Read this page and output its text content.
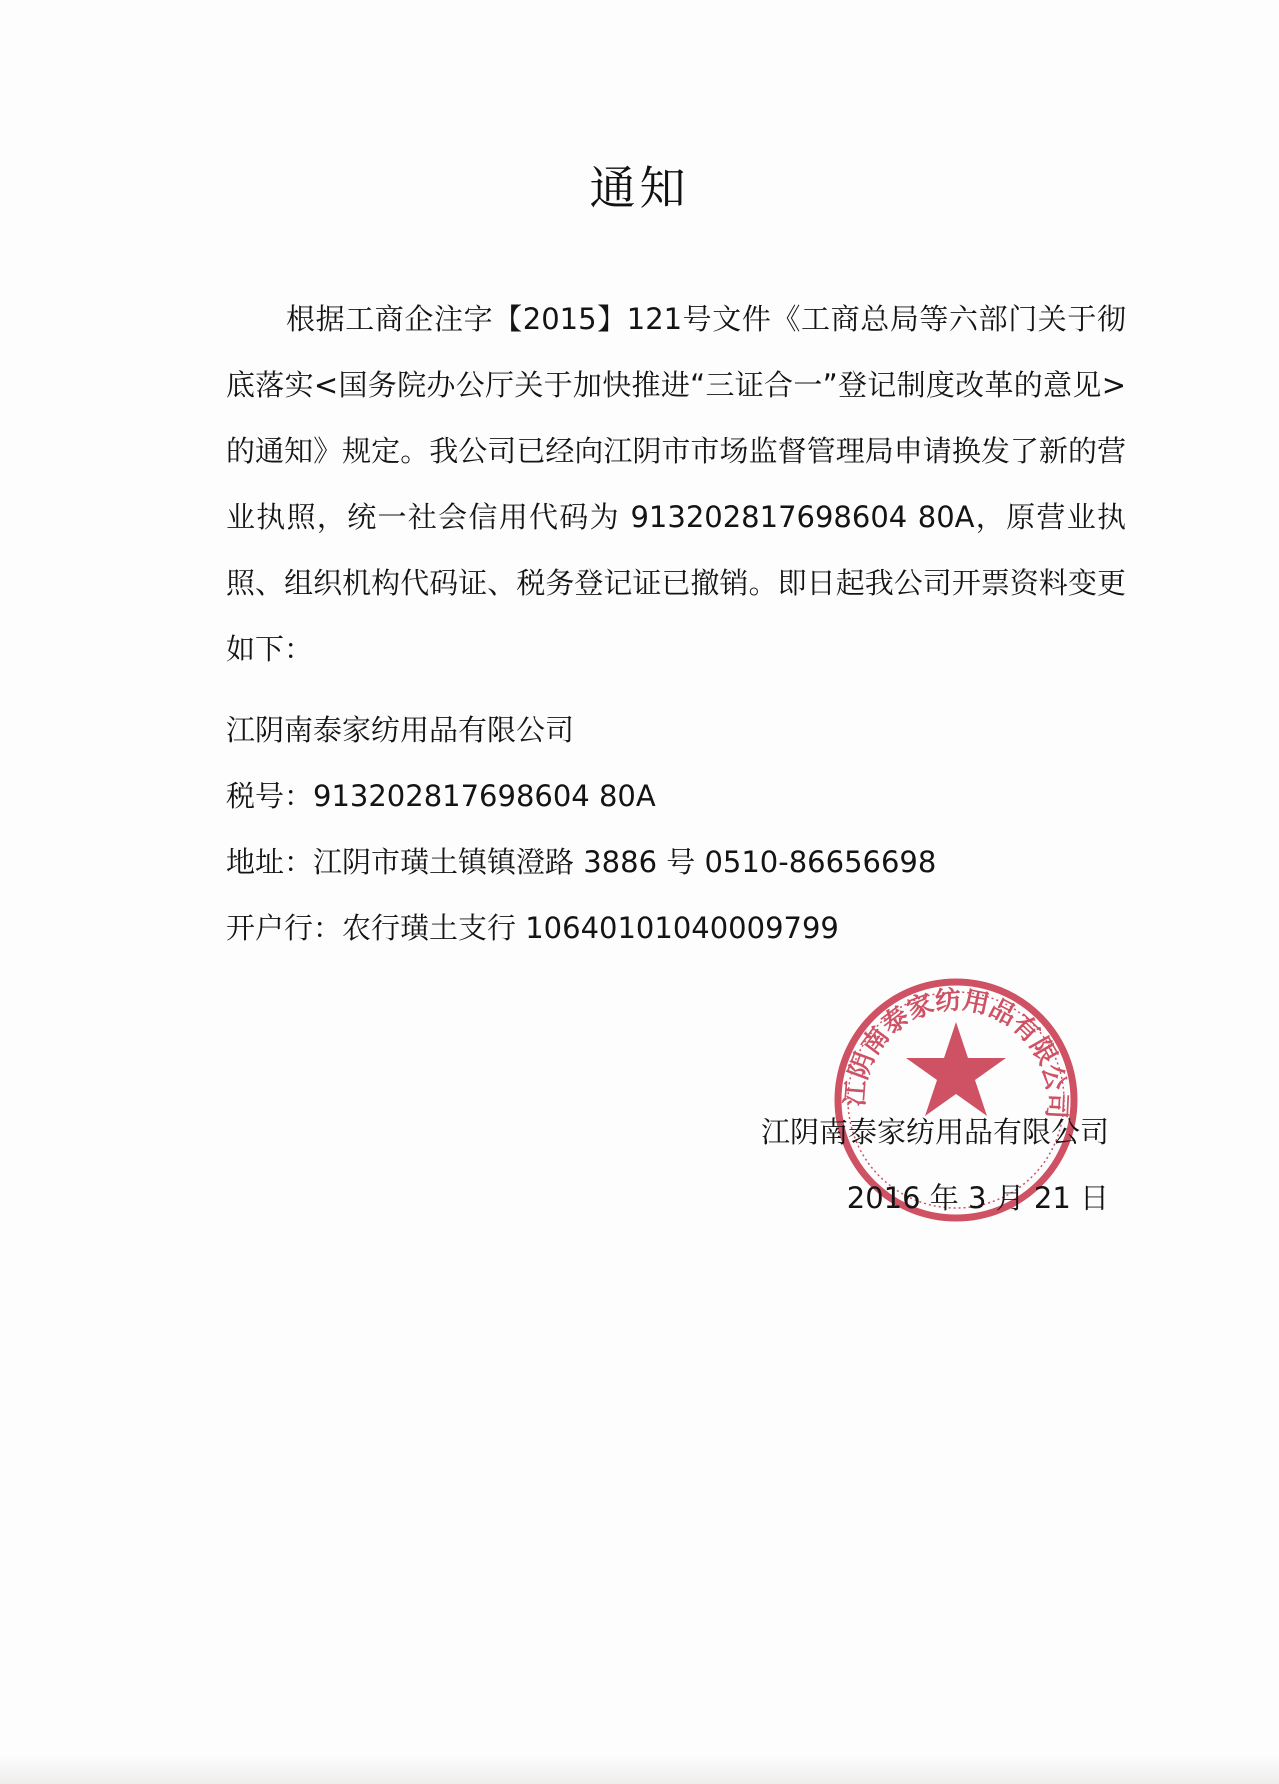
通知

根据工商企注字【2015】121号文件《工商总局等六部门关于彻底落实<国务院办公厅关于加快推进“三证合一”登记制度改革的意见>的通知》规定。我公司已经向江阴市市场监督管理局申请换发了新的营业执照，统一社会信用代码为 913202817698604 80A，原营业执照、组织机构代码证、税务登记证已撤销。即日起我公司开票资料变更如下：

江阴南泰家纺用品有限公司
税号：913202817698604 80A
地址：江阴市璜土镇镇澄路 3886 号 0510-86656698
开户行：农行璜土支行 10640101040009799
江阴南泰家纺用品有限公司
江阴南泰家纺用品有限公司
2016 年 3 月 21 日
